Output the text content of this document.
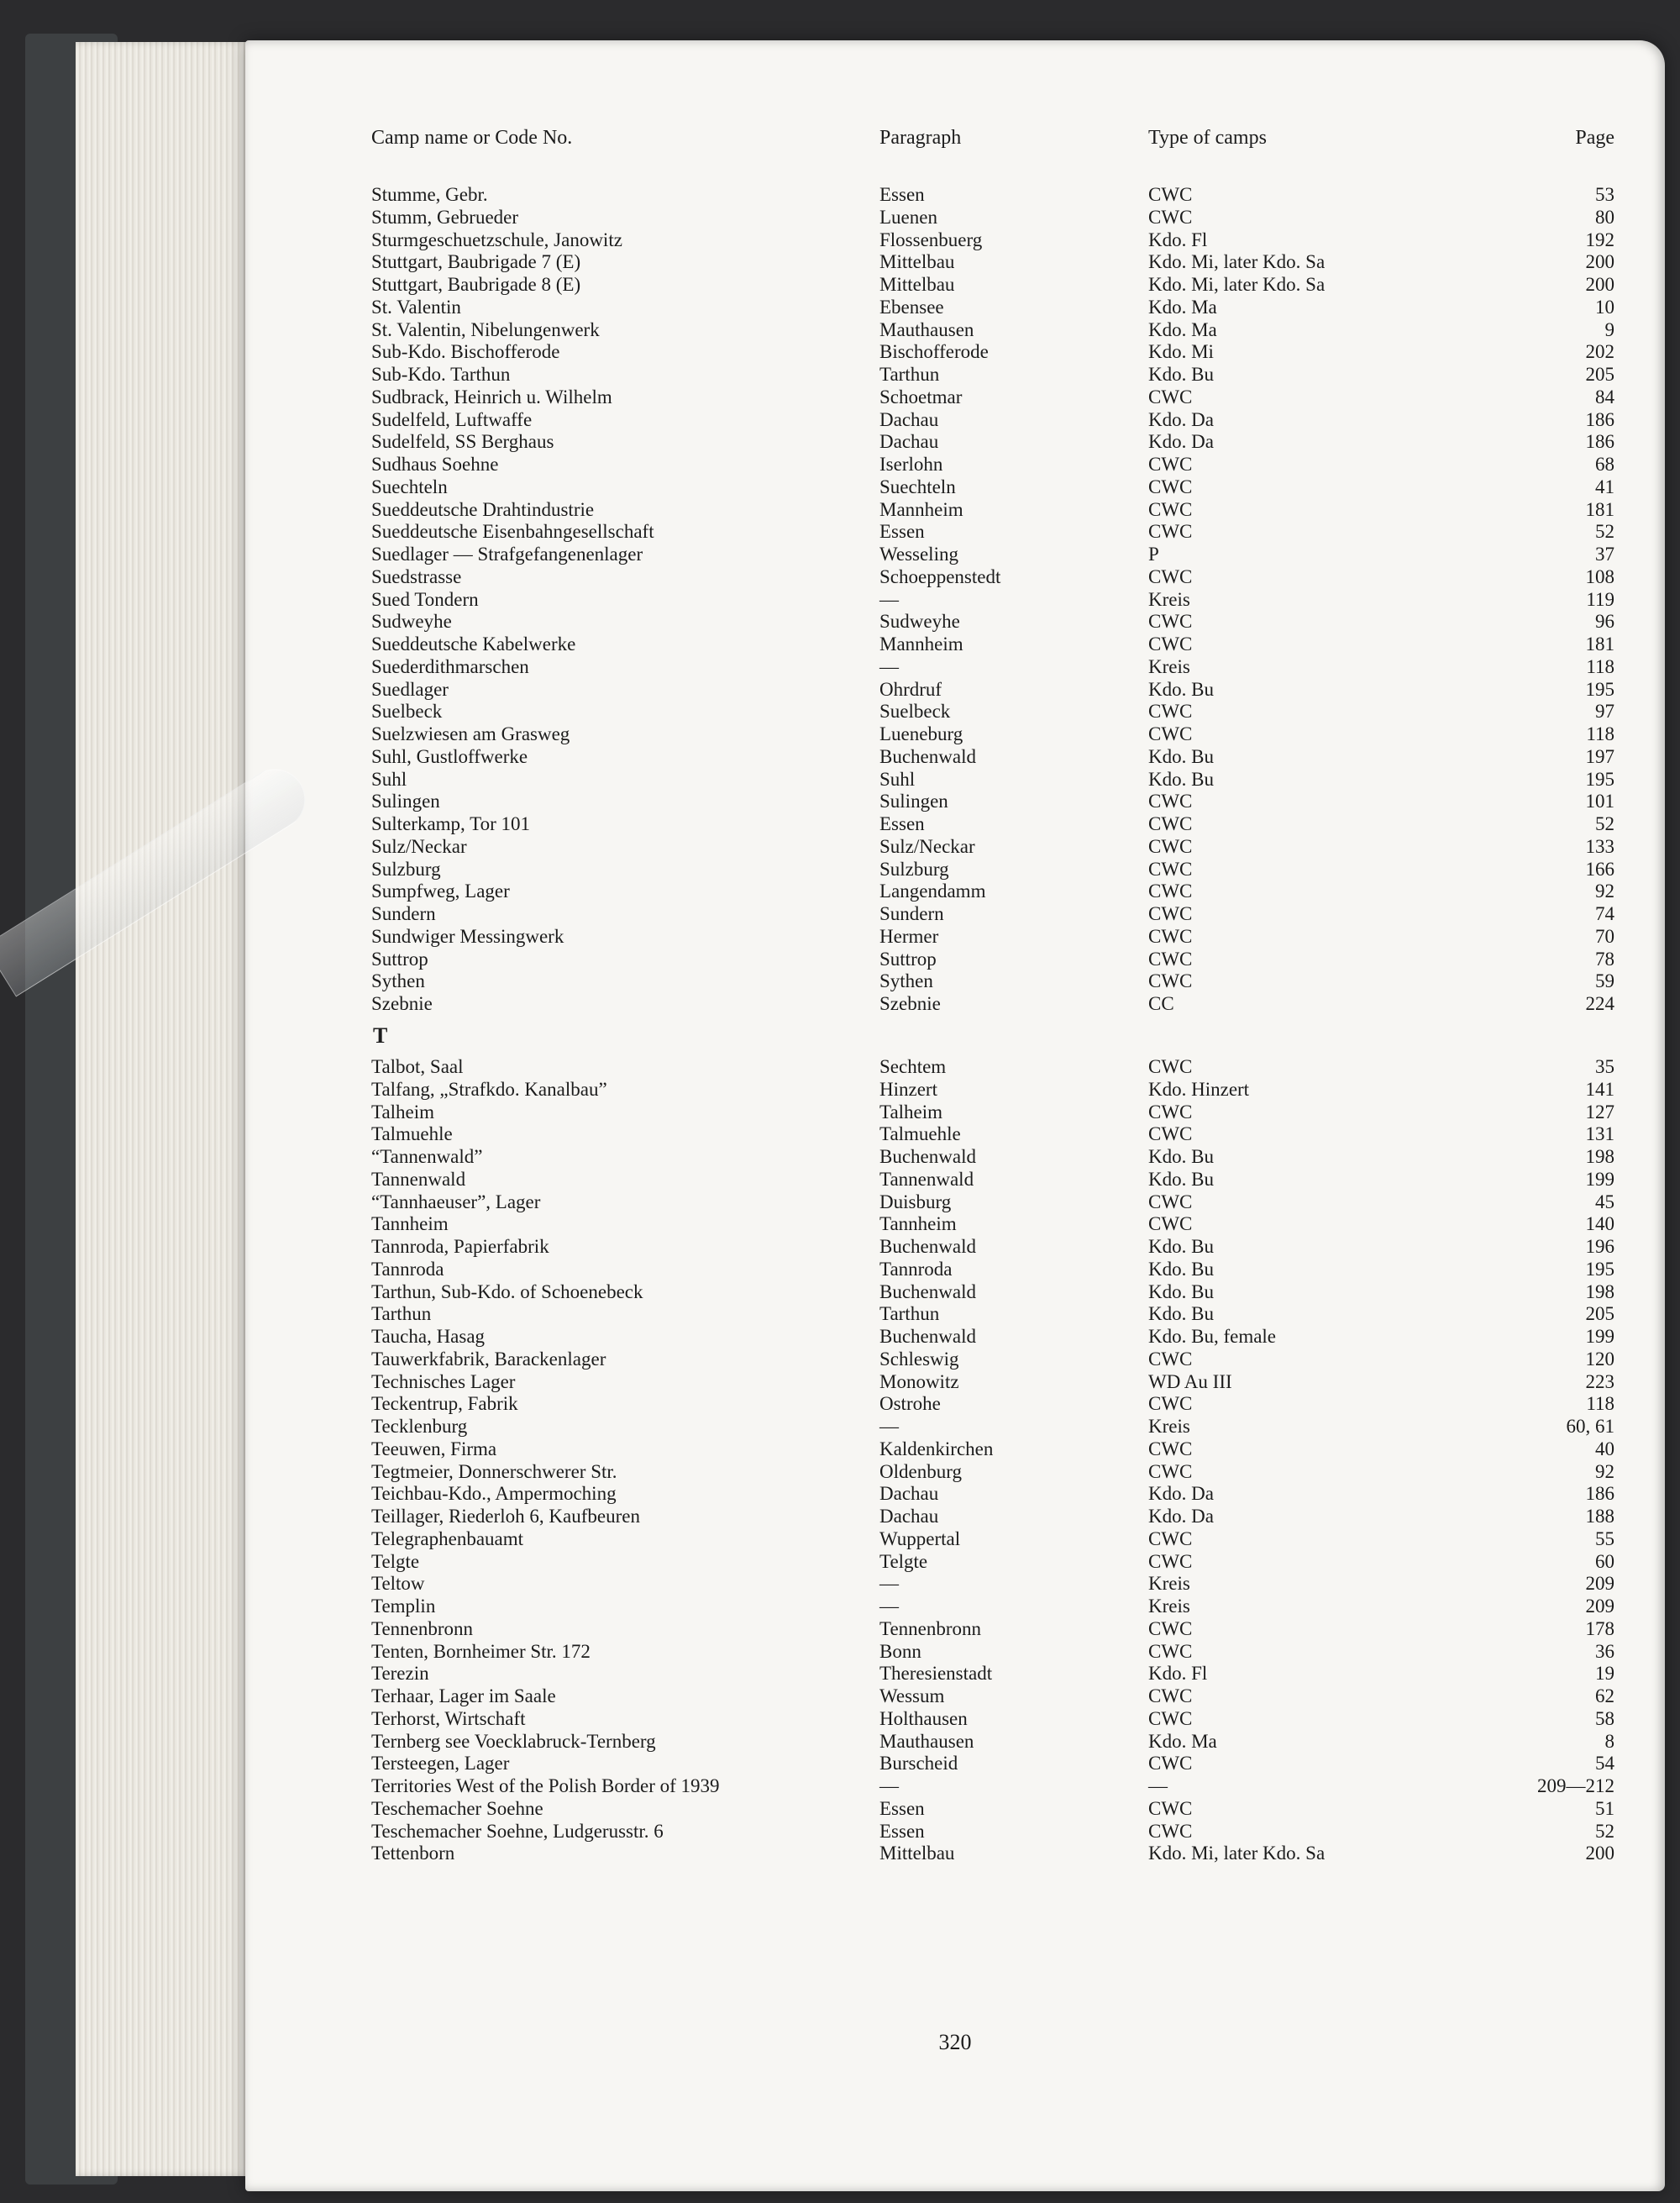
Camp name or Code No.	Paragraph	Type of camps	Page
Stumme, Gebr.	Essen	CWC	53
Stumm, Gebrueder	Luenen	CWC	80
Sturmgeschuetzschule, Janowitz	Flossenbuerg	Kdo. Fl	192
Stuttgart, Baubrigade 7 (E)	Mittelbau	Kdo. Mi, later Kdo. Sa	200
Stuttgart, Baubrigade 8 (E)	Mittelbau	Kdo. Mi, later Kdo. Sa	200
St. Valentin	Ebensee	Kdo. Ma	10
St. Valentin, Nibelungenwerk	Mauthausen	Kdo. Ma	9
Sub-Kdo. Bischofferode	Bischofferode	Kdo. Mi	202
Sub-Kdo. Tarthun	Tarthun	Kdo. Bu	205
Sudbrack, Heinrich u. Wilhelm	Schoetmar	CWC	84
Sudelfeld, Luftwaffe	Dachau	Kdo. Da	186
Sudelfeld, SS Berghaus	Dachau	Kdo. Da	186
Sudhaus Soehne	Iserlohn	CWC	68
Suechteln	Suechteln	CWC	41
Sueddeutsche Drahtindustrie	Mannheim	CWC	181
Sueddeutsche Eisenbahngesellschaft	Essen	CWC	52
Suedlager — Strafgefangenenlager	Wesseling	P	37
Suedstrasse	Schoeppenstedt	CWC	108
Sued Tondern	—	Kreis	119
Sudweyhe	Sudweyhe	CWC	96
Sueddeutsche Kabelwerke	Mannheim	CWC	181
Suederdithmarschen	—	Kreis	118
Suedlager	Ohrdruf	Kdo. Bu	195
Suelbeck	Suelbeck	CWC	97
Suelzwiesen am Grasweg	Lueneburg	CWC	118
Suhl, Gustloffwerke	Buchenwald	Kdo. Bu	197
Suhl	Suhl	Kdo. Bu	195
Sulingen	Sulingen	CWC	101
Sulterkamp, Tor 101	Essen	CWC	52
Sulz/Neckar	Sulz/Neckar	CWC	133
Sulzburg	Sulzburg	CWC	166
Sumpfweg, Lager	Langendamm	CWC	92
Sundern	Sundern	CWC	74
Sundwiger Messingwerk	Hermer	CWC	70
Suttrop	Suttrop	CWC	78
Sythen	Sythen	CWC	59
Szebnie	Szebnie	CC	224
T
Talbot, Saal	Sechtem	CWC	35
Talfang, „Strafkdo. Kanalbau”	Hinzert	Kdo. Hinzert	141
Talheim	Talheim	CWC	127
Talmuehle	Talmuehle	CWC	131
“Tannenwald”	Buchenwald	Kdo. Bu	198
Tannenwald	Tannenwald	Kdo. Bu	199
“Tannhaeuser”, Lager	Duisburg	CWC	45
Tannheim	Tannheim	CWC	140
Tannroda, Papierfabrik	Buchenwald	Kdo. Bu	196
Tannroda	Tannroda	Kdo. Bu	195
Tarthun, Sub-Kdo. of Schoenebeck	Buchenwald	Kdo. Bu	198
Tarthun	Tarthun	Kdo. Bu	205
Taucha, Hasag	Buchenwald	Kdo. Bu, female	199
Tauwerkfabrik, Barackenlager	Schleswig	CWC	120
Technisches Lager	Monowitz	WD Au III	223
Teckentrup, Fabrik	Ostrohe	CWC	118
Tecklenburg	—	Kreis	60, 61
Teeuwen, Firma	Kaldenkirchen	CWC	40
Tegtmeier, Donnerschwerer Str.	Oldenburg	CWC	92
Teichbau-Kdo., Ampermoching	Dachau	Kdo. Da	186
Teillager, Riederloh 6, Kaufbeuren	Dachau	Kdo. Da	188
Telegraphenbauamt	Wuppertal	CWC	55
Telgte	Telgte	CWC	60
Teltow	—	Kreis	209
Templin	—	Kreis	209
Tennenbronn	Tennenbronn	CWC	178
Tenten, Bornheimer Str. 172	Bonn	CWC	36
Terezin	Theresienstadt	Kdo. Fl	19
Terhaar, Lager im Saale	Wessum	CWC	62
Terhorst, Wirtschaft	Holthausen	CWC	58
Ternberg see Voecklabruck-Ternberg	Mauthausen	Kdo. Ma	8
Tersteegen, Lager	Burscheid	CWC	54
Territories West of the Polish Border of 1939	—	—	209—212
Teschemacher Soehne	Essen	CWC	51
Teschemacher Soehne, Ludgerusstr. 6	Essen	CWC	52
Tettenborn	Mittelbau	Kdo. Mi, later Kdo. Sa	200
320
